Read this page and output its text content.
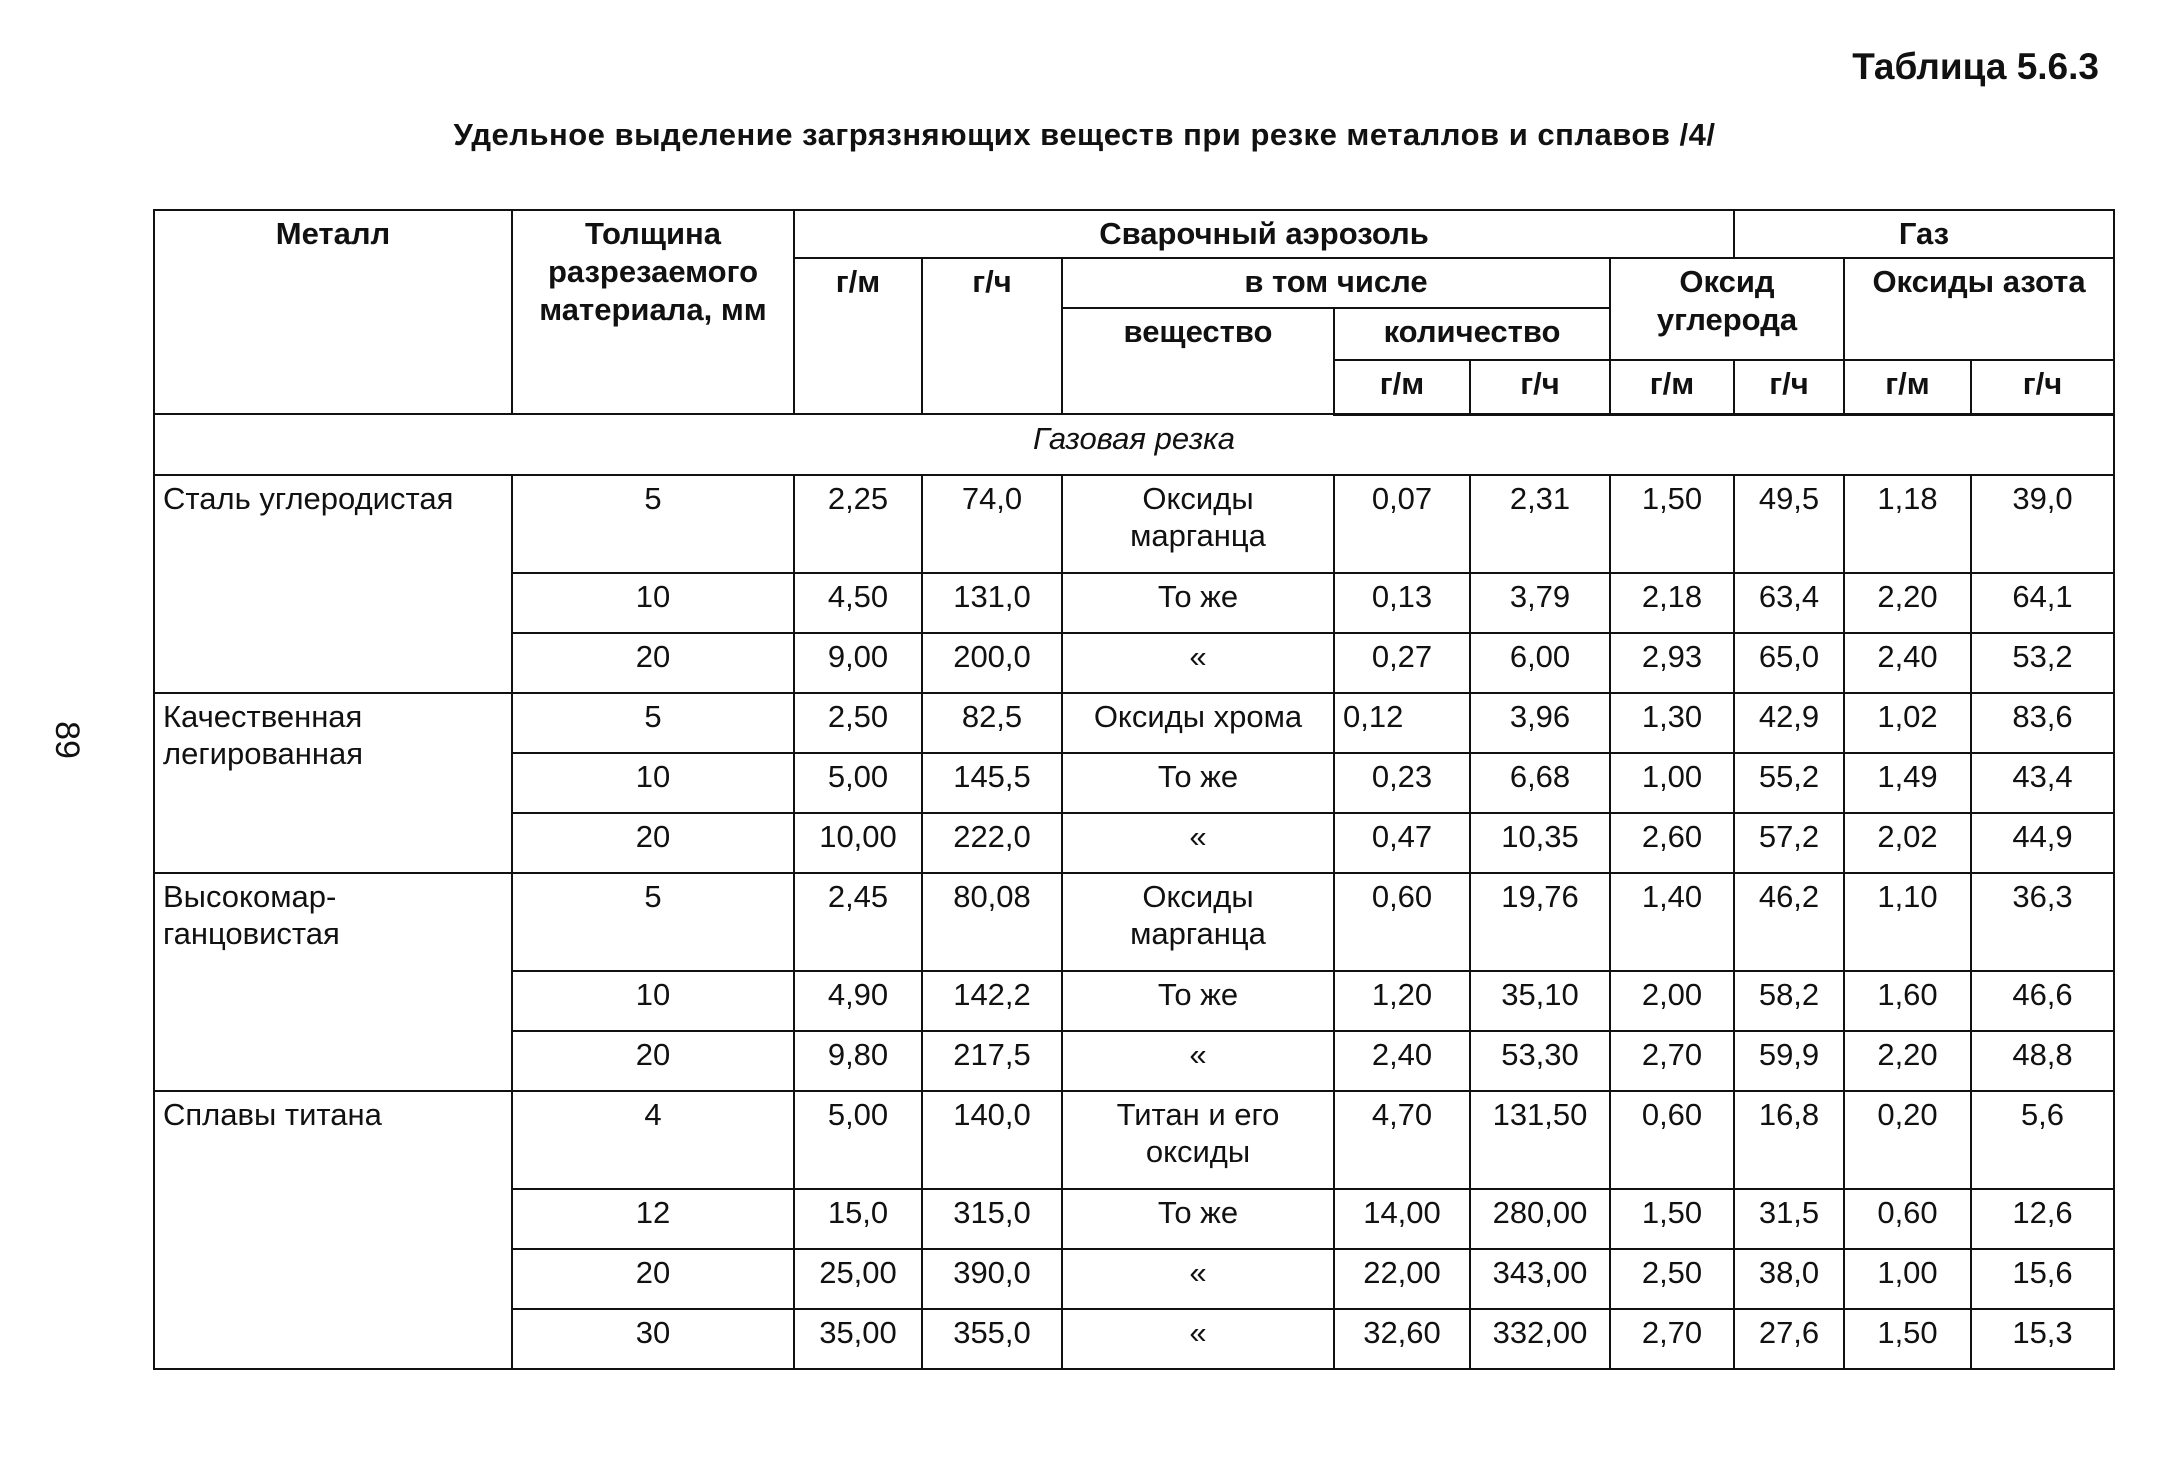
89
Таблица 5.6.3
Удельное выделение загрязняющих веществ при резке металлов и сплавов /4/
Металл	Толщина разрезаемого материала, мм	Сварочный аэрозоль						Газ		
		г/м	г/ч	в том числе			Оксид углерода		Оксиды азота	
				вещество	количество					
					г/м	г/ч	г/м	г/ч	г/м	г/ч
Газовая резка										
Сталь углеродистая	5	2,25	74,0	Оксиды марганца	0,07	2,31	1,50	49,5	1,18	39,0
	10	4,50	131,0	То же	0,13	3,79	2,18	63,4	2,20	64,1
	20	9,00	200,0	«	0,27	6,00	2,93	65,0	2,40	53,2
Качественная легированная	5	2,50	82,5	Оксиды хрома	0,12	3,96	1,30	42,9	1,02	83,6
	10	5,00	145,5	То же	0,23	6,68	1,00	55,2	1,49	43,4
	20	10,00	222,0	«	0,47	10,35	2,60	57,2	2,02	44,9
Высокомар-ганцовистая	5	2,45	80,08	Оксиды марганца	0,60	19,76	1,40	46,2	1,10	36,3
	10	4,90	142,2	То же	1,20	35,10	2,00	58,2	1,60	46,6
	20	9,80	217,5	«	2,40	53,30	2,70	59,9	2,20	48,8
Сплавы титана	4	5,00	140,0	Титан и его оксиды	4,70	131,50	0,60	16,8	0,20	5,6
	12	15,0	315,0	То же	14,00	280,00	1,50	31,5	0,60	12,6
	20	25,00	390,0	«	22,00	343,00	2,50	38,0	1,00	15,6
	30	35,00	355,0	«	32,60	332,00	2,70	27,6	1,50	15,3
